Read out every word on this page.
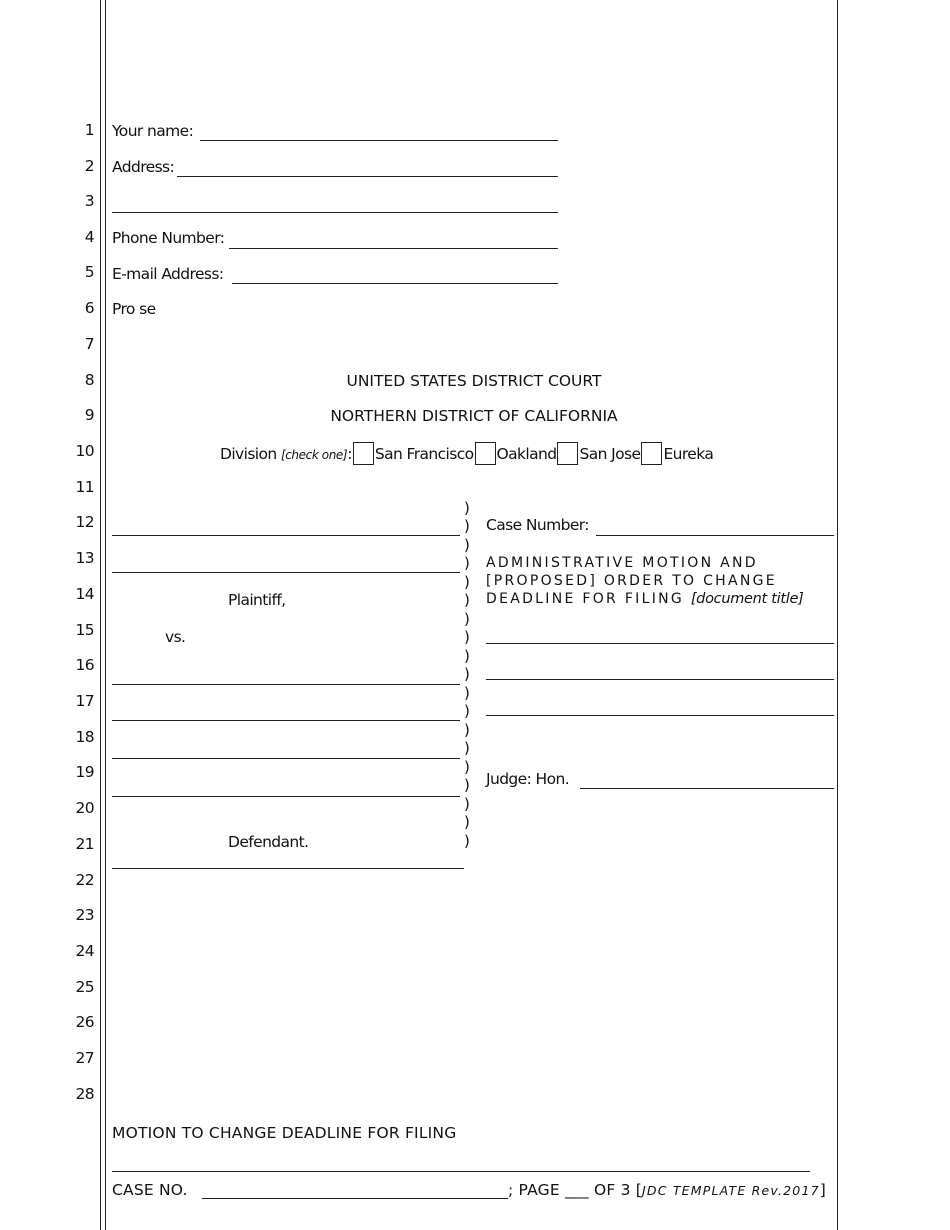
1
2
3
4
5
6
7
8
9
10
11
12
13
14
15
16
17
18
19
20
21
22
23
24
25
26
27
28
Your name:
Address:
Phone Number:
E-mail Address:
Pro se
UNITED STATES DISTRICT COURT
NORTHERN DISTRICT OF CALIFORNIA
Division [check one]: San Francisco Oakland San Jose Eureka
Plaintiff,
vs.
Defendant.
)
)
)
)
)
)
)
)
)
)
)
)
)
)
)
)
)
)
)
Case Number:
ADMINISTRATIVE MOTION AND
[PROPOSED] ORDER TO CHANGE
DEADLINE FOR FILING [document title]
Judge: Hon.
MOTION TO CHANGE DEADLINE FOR FILING
CASE NO.	; PAGE ___ OF 3 [JDC TEMPLATE Rev.2017]
